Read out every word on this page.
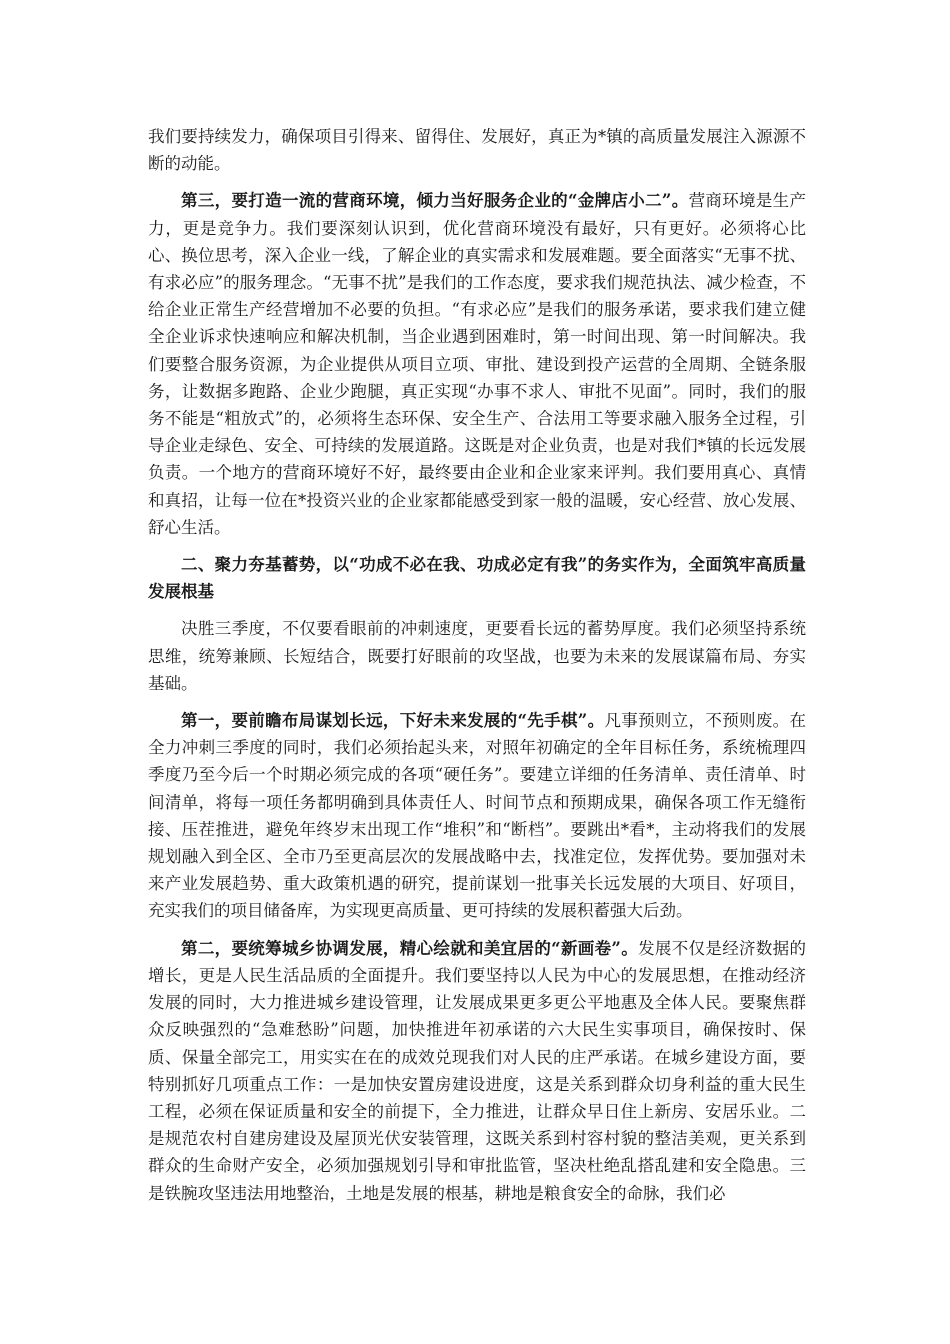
我们要持续发力，确保项目引得来、留得住、发展好，真正为*镇的高质量发展注入源源不断的动能。

第三，要打造一流的营商环境，倾力当好服务企业的“金牌店小二”。营商环境是生产力，更是竞争力。我们要深刻认识到，优化营商环境没有最好，只有更好。必须将心比心、换位思考，深入企业一线，了解企业的真实需求和发展难题。要全面落实“无事不扰、有求必应”的服务理念。“无事不扰”是我们的工作态度，要求我们规范执法、减少检查，不给企业正常生产经营增加不必要的负担。“有求必应”是我们的服务承诺，要求我们建立健全企业诉求快速响应和解决机制，当企业遇到困难时，第一时间出现、第一时间解决。我们要整合服务资源，为企业提供从项目立项、审批、建设到投产运营的全周期、全链条服务，让数据多跑路、企业少跑腿，真正实现“办事不求人、审批不见面”。同时，我们的服务不能是“粗放式”的，必须将生态环保、安全生产、合法用工等要求融入服务全过程，引导企业走绿色、安全、可持续的发展道路。这既是对企业负责，也是对我们*镇的长远发展负责。一个地方的营商环境好不好，最终要由企业和企业家来评判。我们要用真心、真情和真招，让每一位在*投资兴业的企业家都能感受到家一般的温暖，安心经营、放心发展、舒心生活。

二、聚力夯基蓄势，以“功成不必在我、功成必定有我”的务实作为，全面筑牢高质量发展根基

决胜三季度，不仅要看眼前的冲刺速度，更要看长远的蓄势厚度。我们必须坚持系统思维，统筹兼顾、长短结合，既要打好眼前的攻坚战，也要为未来的发展谋篇布局、夯实基础。

第一，要前瞻布局谋划长远，下好未来发展的“先手棋”。凡事预则立，不预则废。在全力冲刺三季度的同时，我们必须抬起头来，对照年初确定的全年目标任务，系统梳理四季度乃至今后一个时期必须完成的各项“硬任务”。要建立详细的任务清单、责任清单、时间清单，将每一项任务都明确到具体责任人、时间节点和预期成果，确保各项工作无缝衔接、压茬推进，避免年终岁末出现工作“堆积”和“断档”。要跳出*看*，主动将我们的发展规划融入到全区、全市乃至更高层次的发展战略中去，找准定位，发挥优势。要加强对未来产业发展趋势、重大政策机遇的研究，提前谋划一批事关长远发展的大项目、好项目，充实我们的项目储备库，为实现更高质量、更可持续的发展积蓄强大后劲。

第二，要统筹城乡协调发展，精心绘就和美宜居的“新画卷”。发展不仅是经济数据的增长，更是人民生活品质的全面提升。我们要坚持以人民为中心的发展思想，在推动经济发展的同时，大力推进城乡建设管理，让发展成果更多更公平地惠及全体人民。要聚焦群众反映强烈的“急难愁盼”问题，加快推进年初承诺的六大民生实事项目，确保按时、保质、保量全部完工，用实实在在的成效兑现我们对人民的庄严承诺。在城乡建设方面，要特别抓好几项重点工作：一是加快安置房建设进度，这是关系到群众切身利益的重大民生工程，必须在保证质量和安全的前提下，全力推进，让群众早日住上新房、安居乐业。二是规范农村自建房建设及屋顶光伏安装管理，这既关系到村容村貌的整洁美观，更关系到群众的生命财产安全，必须加强规划引导和审批监管，坚决杜绝乱搭乱建和安全隐患。三是铁腕攻坚违法用地整治，土地是发展的根基，耕地是粮食安全的命脉，我们必
